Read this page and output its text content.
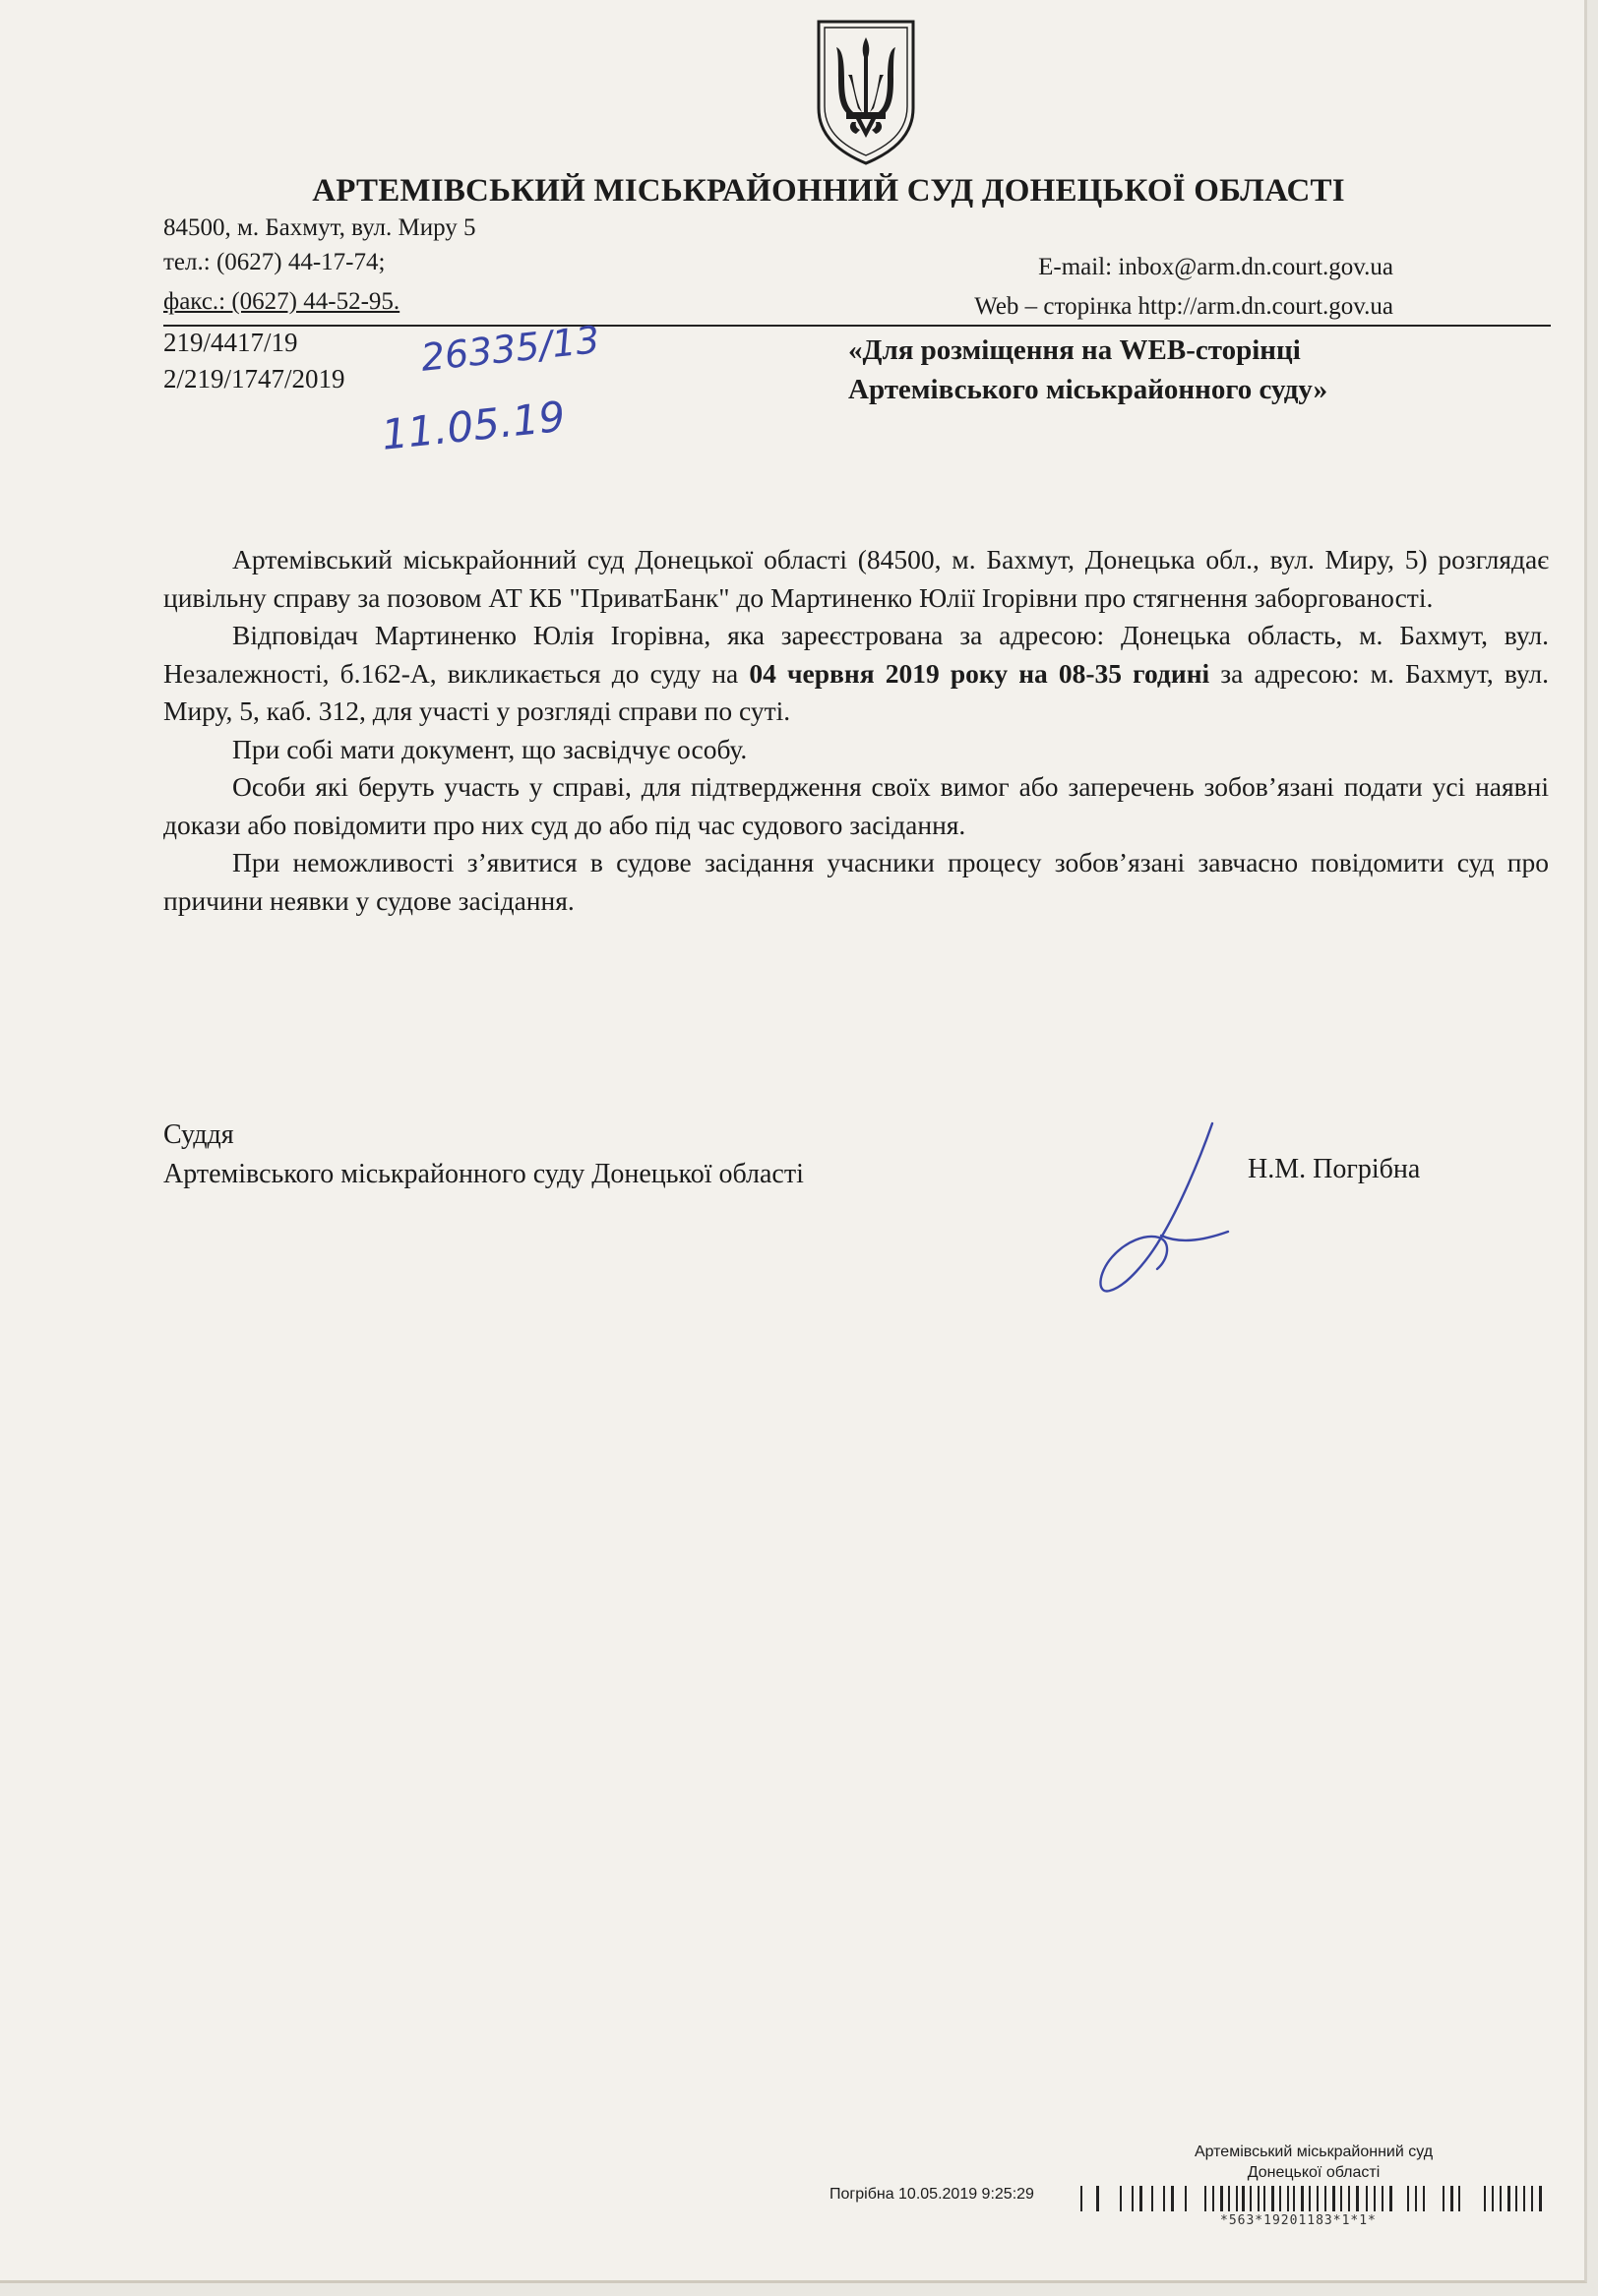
АРТЕМІВСЬКИЙ МІСЬКРАЙОННИЙ СУД ДОНЕЦЬКОЇ ОБЛАСТІ
84500, м. Бахмут, вул. Миру 5
тел.: (0627) 44-17-74;
факс.: (0627) 44-52-95.
E-mail: inbox@arm.dn.court.gov.ua
Web – сторінка http://arm.dn.court.gov.ua
219/4417/19
2/219/1747/2019 26335/13
11.05.19
«Для розміщення на WEB-сторінці
Артемівського міськрайонного суду»

Артемівський міськрайонний суд Донецької області (84500, м. Бахмут, Донецька обл., вул. Миру, 5) розглядає цивільну справу за позовом АТ КБ "ПриватБанк" до Мартиненко Юлії Ігорівни про стягнення заборгованості.

Відповідач Мартиненко Юлія Ігорівна, яка зареєстрована за адресою: Донецька область, м. Бахмут, вул. Незалежності, б.162-А, викликається до суду на 04 червня 2019 року на 08-35 годині за адресою: м. Бахмут, вул. Миру, 5, каб. 312, для участі у розгляді справи по суті.

При собі мати документ, що засвідчує особу.

Особи які беруть участь у справі, для підтвердження своїх вимог або заперечень зобов’язані подати усі наявні докази або повідомити про них суд до або під час судового засідання.

При неможливості з’явитися в судове засідання учасники процесу зобов’язані завчасно повідомити суд про причини неявки у судове засідання.

Суддя
Артемівського міськрайонного суду Донецької області	Н.М. Погрібна
Артемівський міськрайонний суд
Донецької області
Погрібна 10.05.2019 9:25:29
*563*19201183*1*1*
